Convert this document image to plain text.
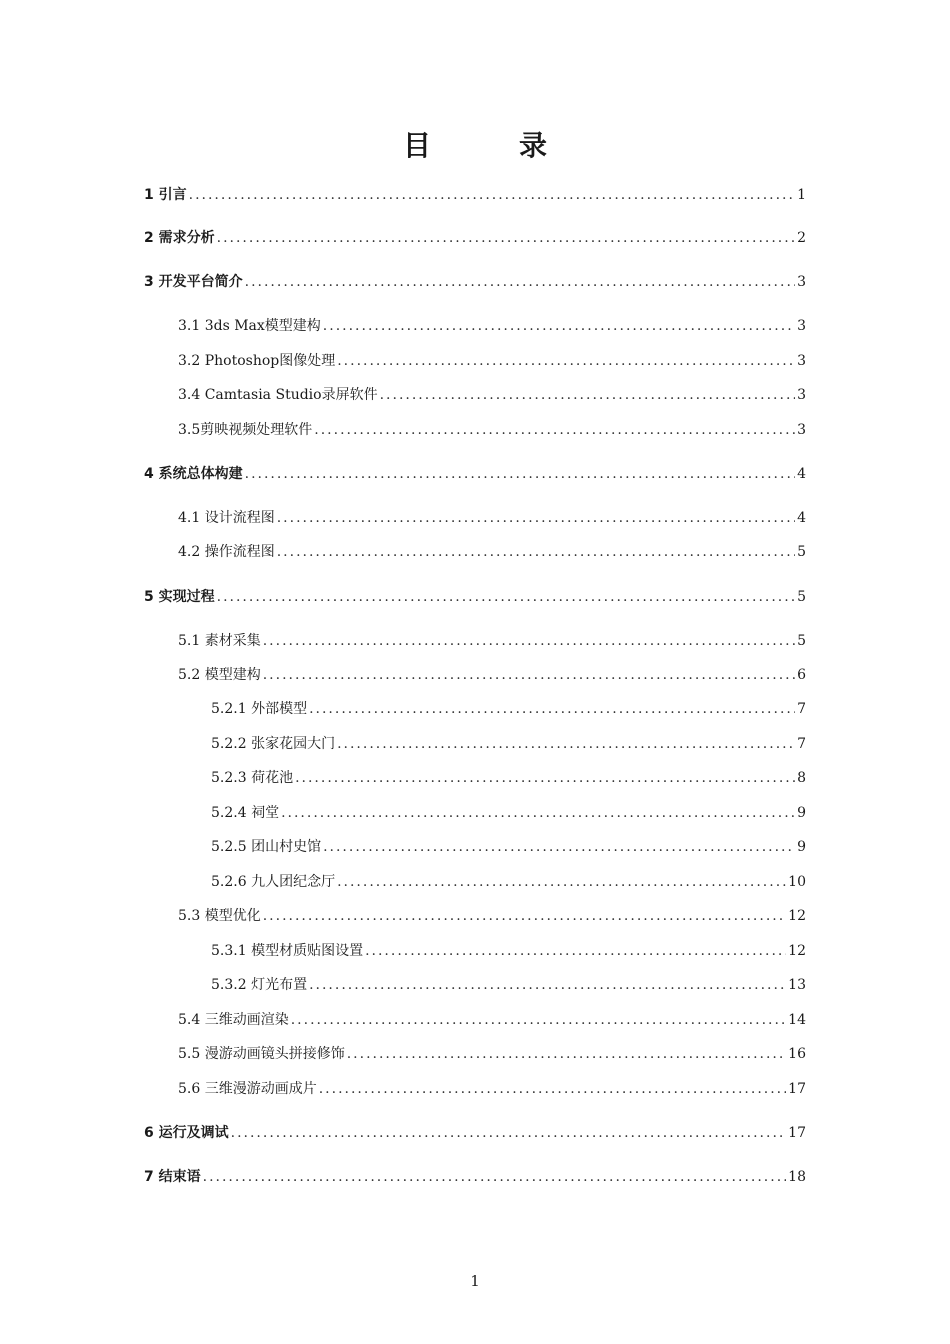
目　录
1 引言 .....	1
2 需求分析 .....	2
3 开发平台简介 .....	3
3.1 3ds Max模型建构 .....	3
3.2 Photoshop图像处理 .....	3
3.4 Camtasia Studio录屏软件 .....	3
3.5剪映视频处理软件 .....	3
4 系统总体构建 .....	4
4.1 设计流程图 .....	4
4.2 操作流程图 .....	5
5 实现过程 .....	5
5.1 素材采集 .....	5
5.2 模型建构 .....	6
5.2.1 外部模型 .....	7
5.2.2 张家花园大门 .....	7
5.2.3 荷花池 .....	8
5.2.4 祠堂 .....	9
5.2.5 团山村史馆 .....	9
5.2.6 九人团纪念厅 .....	10
5.3 模型优化 .....	12
5.3.1 模型材质贴图设置 .....	12
5.3.2 灯光布置 .....	13
5.4 三维动画渲染 .....	14
5.5 漫游动画镜头拼接修饰 .....	16
5.6 三维漫游动画成片 .....	17
6 运行及调试 .....	17
7 结束语 .....	18
1
